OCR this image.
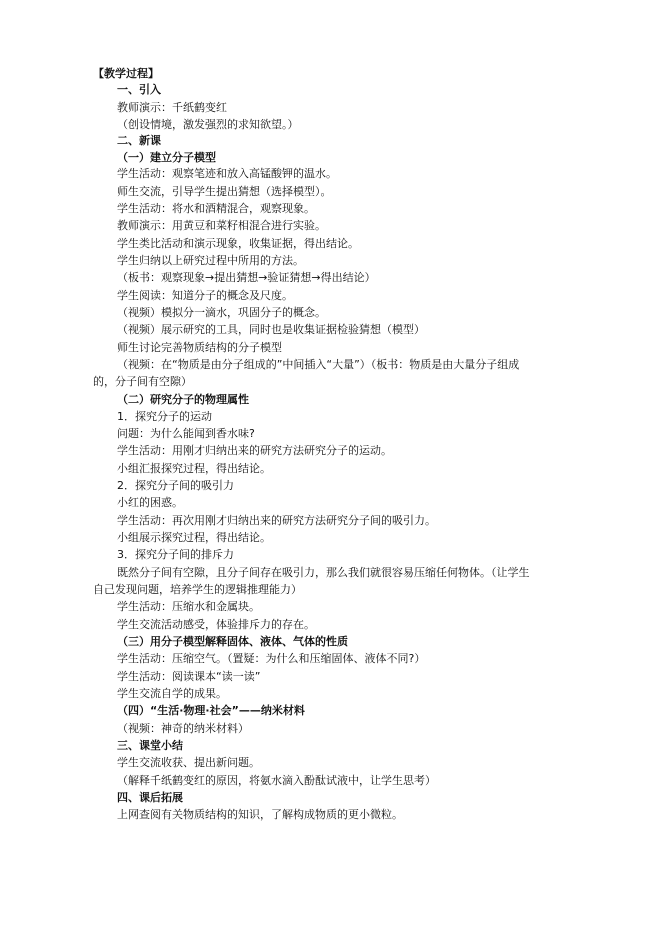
【教学过程】
一、引入
教师演示：千纸鹤变红
（创设情境，激发强烈的求知欲望。）
二、新课
（一）建立分子模型
学生活动：观察笔迹和放入高锰酸钾的温水。
师生交流，引导学生提出猜想（选择模型）。
学生活动：将水和酒精混合，观察现象。
教师演示：用黄豆和菜籽相混合进行实验。
学生类比活动和演示现象，收集证据，得出结论。
学生归纳以上研究过程中所用的方法。
（板书：观察现象→提出猜想→验证猜想→得出结论）
学生阅读：知道分子的概念及尺度。
（视频）模拟分一滴水，巩固分子的概念。
（视频）展示研究的工具，同时也是收集证据检验猜想（模型）
师生讨论完善物质结构的分子模型
（视频：在“物质是由分子组成的”中间插入“大量”）（板书：物质是由大量分子组成
的，分子间有空隙）
（二）研究分子的物理属性
1．探究分子的运动
问题：为什么能闻到香水味?
学生活动：用刚才归纳出来的研究方法研究分子的运动。
小组汇报探究过程，得出结论。
2．探究分子间的吸引力
小红的困惑。
学生活动：再次用刚才归纳出来的研究方法研究分子间的吸引力。
小组展示探究过程，得出结论。
3．探究分子间的排斥力
既然分子间有空隙，且分子间存在吸引力，那么我们就很容易压缩任何物体。（让学生
自己发现问题，培养学生的逻辑推理能力）
学生活动：压缩水和金属块。
学生交流活动感受，体验排斥力的存在。
（三）用分子模型解释固体、液体、气体的性质
学生活动：压缩空气。（置疑：为什么和压缩固体、液体不同?）
学生活动：阅读课本“读一读”
学生交流自学的成果。
（四）“生活·物理·社会”——纳米材料
（视频：神奇的纳米材料）
三、课堂小结
学生交流收获、提出新问题。
（解释千纸鹤变红的原因，将氨水滴入酚酞试液中，让学生思考）
四、课后拓展
上网查阅有关物质结构的知识，了解构成物质的更小微粒。
